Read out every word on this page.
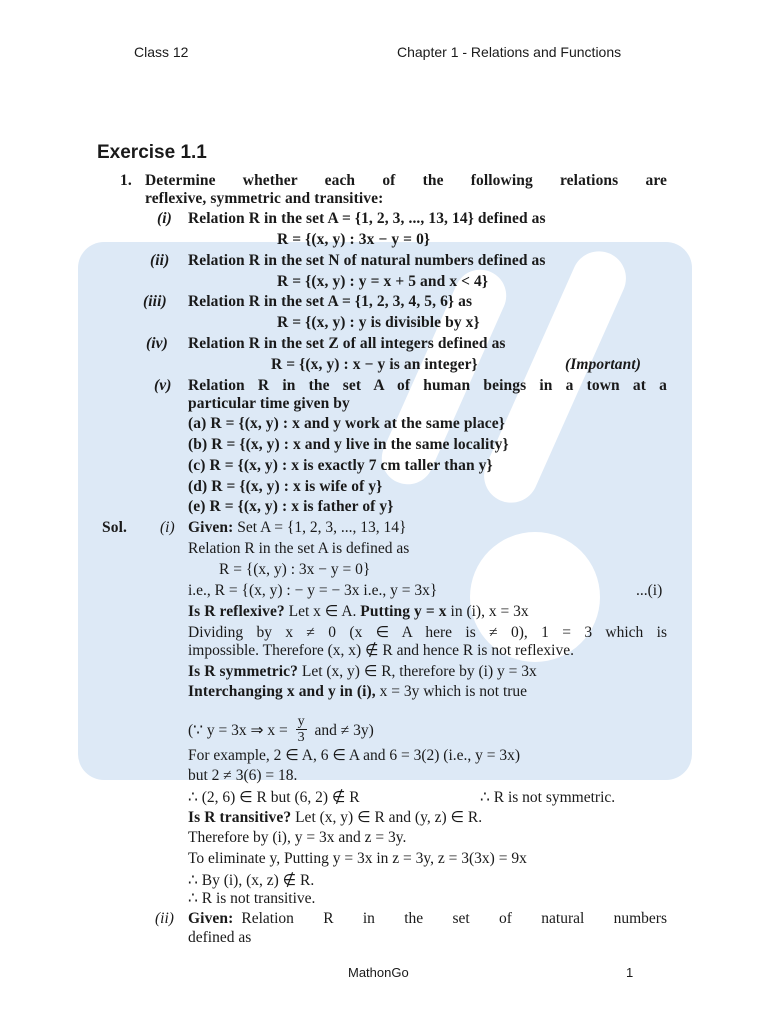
Class 12	Chapter 1 - Relations and Functions
Exercise 1.1
1. Determine whether each of the following relations are
reflexive, symmetric and transitive:
(i) Relation R in the set A = {1, 2, 3, ..., 13, 14} defined as
R = {(x, y) : 3x − y = 0}
(ii) Relation R in the set N of natural numbers defined as
R = {(x, y) : y = x + 5 and x < 4}
(iii) Relation R in the set A = {1, 2, 3, 4, 5, 6} as
R = {(x, y) : y is divisible by x}
(iv) Relation R in the set Z of all integers defined as
R = {(x, y) : x − y is an integer}	(Important)
(v) Relation R in the set A of human beings in a town at a
particular time given by
(a) R = {(x, y) : x and y work at the same place}
(b) R = {(x, y) : x and y live in the same locality}
(c) R = {(x, y) : x is exactly 7 cm taller than y}
(d) R = {(x, y) : x is wife of y}
(e) R = {(x, y) : x is father of y}
Sol. (i) Given: Set A = {1, 2, 3, ..., 13, 14}
Relation R in the set A is defined as
R = {(x, y) : 3x − y = 0}
i.e., R = {(x, y) : − y = − 3x i.e., y = 3x}	...(i)
Is R reflexive? Let x ∈ A. Putting y = x in (i), x = 3x
Dividing by x ≠ 0 (x ∈ A here is ≠ 0), 1 = 3 which is
impossible. Therefore (x, x) ∉ R and hence R is not reflexive.
Is R symmetric? Let (x, y) ∈ R, therefore by (i) y = 3x
Interchanging x and y in (i), x = 3y which is not true
(∵ y = 3x ⇒ $x = \frac{y}{3}$ and ≠ 3y)
For example, 2 ∈ A, 6 ∈ A and 6 = 3(2) (i.e., y = 3x)
but 2 ≠ 3(6) = 18.
∴ (2, 6) ∈ R but (6, 2) ∉ R	∴ R is not symmetric.
Is R transitive? Let (x, y) ∈ R and (y, z) ∈ R.
Therefore by (i), y = 3x and z = 3y.
To eliminate y, Putting y = 3x in z = 3y, z = 3(3x) = 9x
∴ By (i), (x, z) ∉ R.
∴ R is not transitive.
(ii) Given: Relation R in the set of natural numbers
defined as
MathonGo	1
